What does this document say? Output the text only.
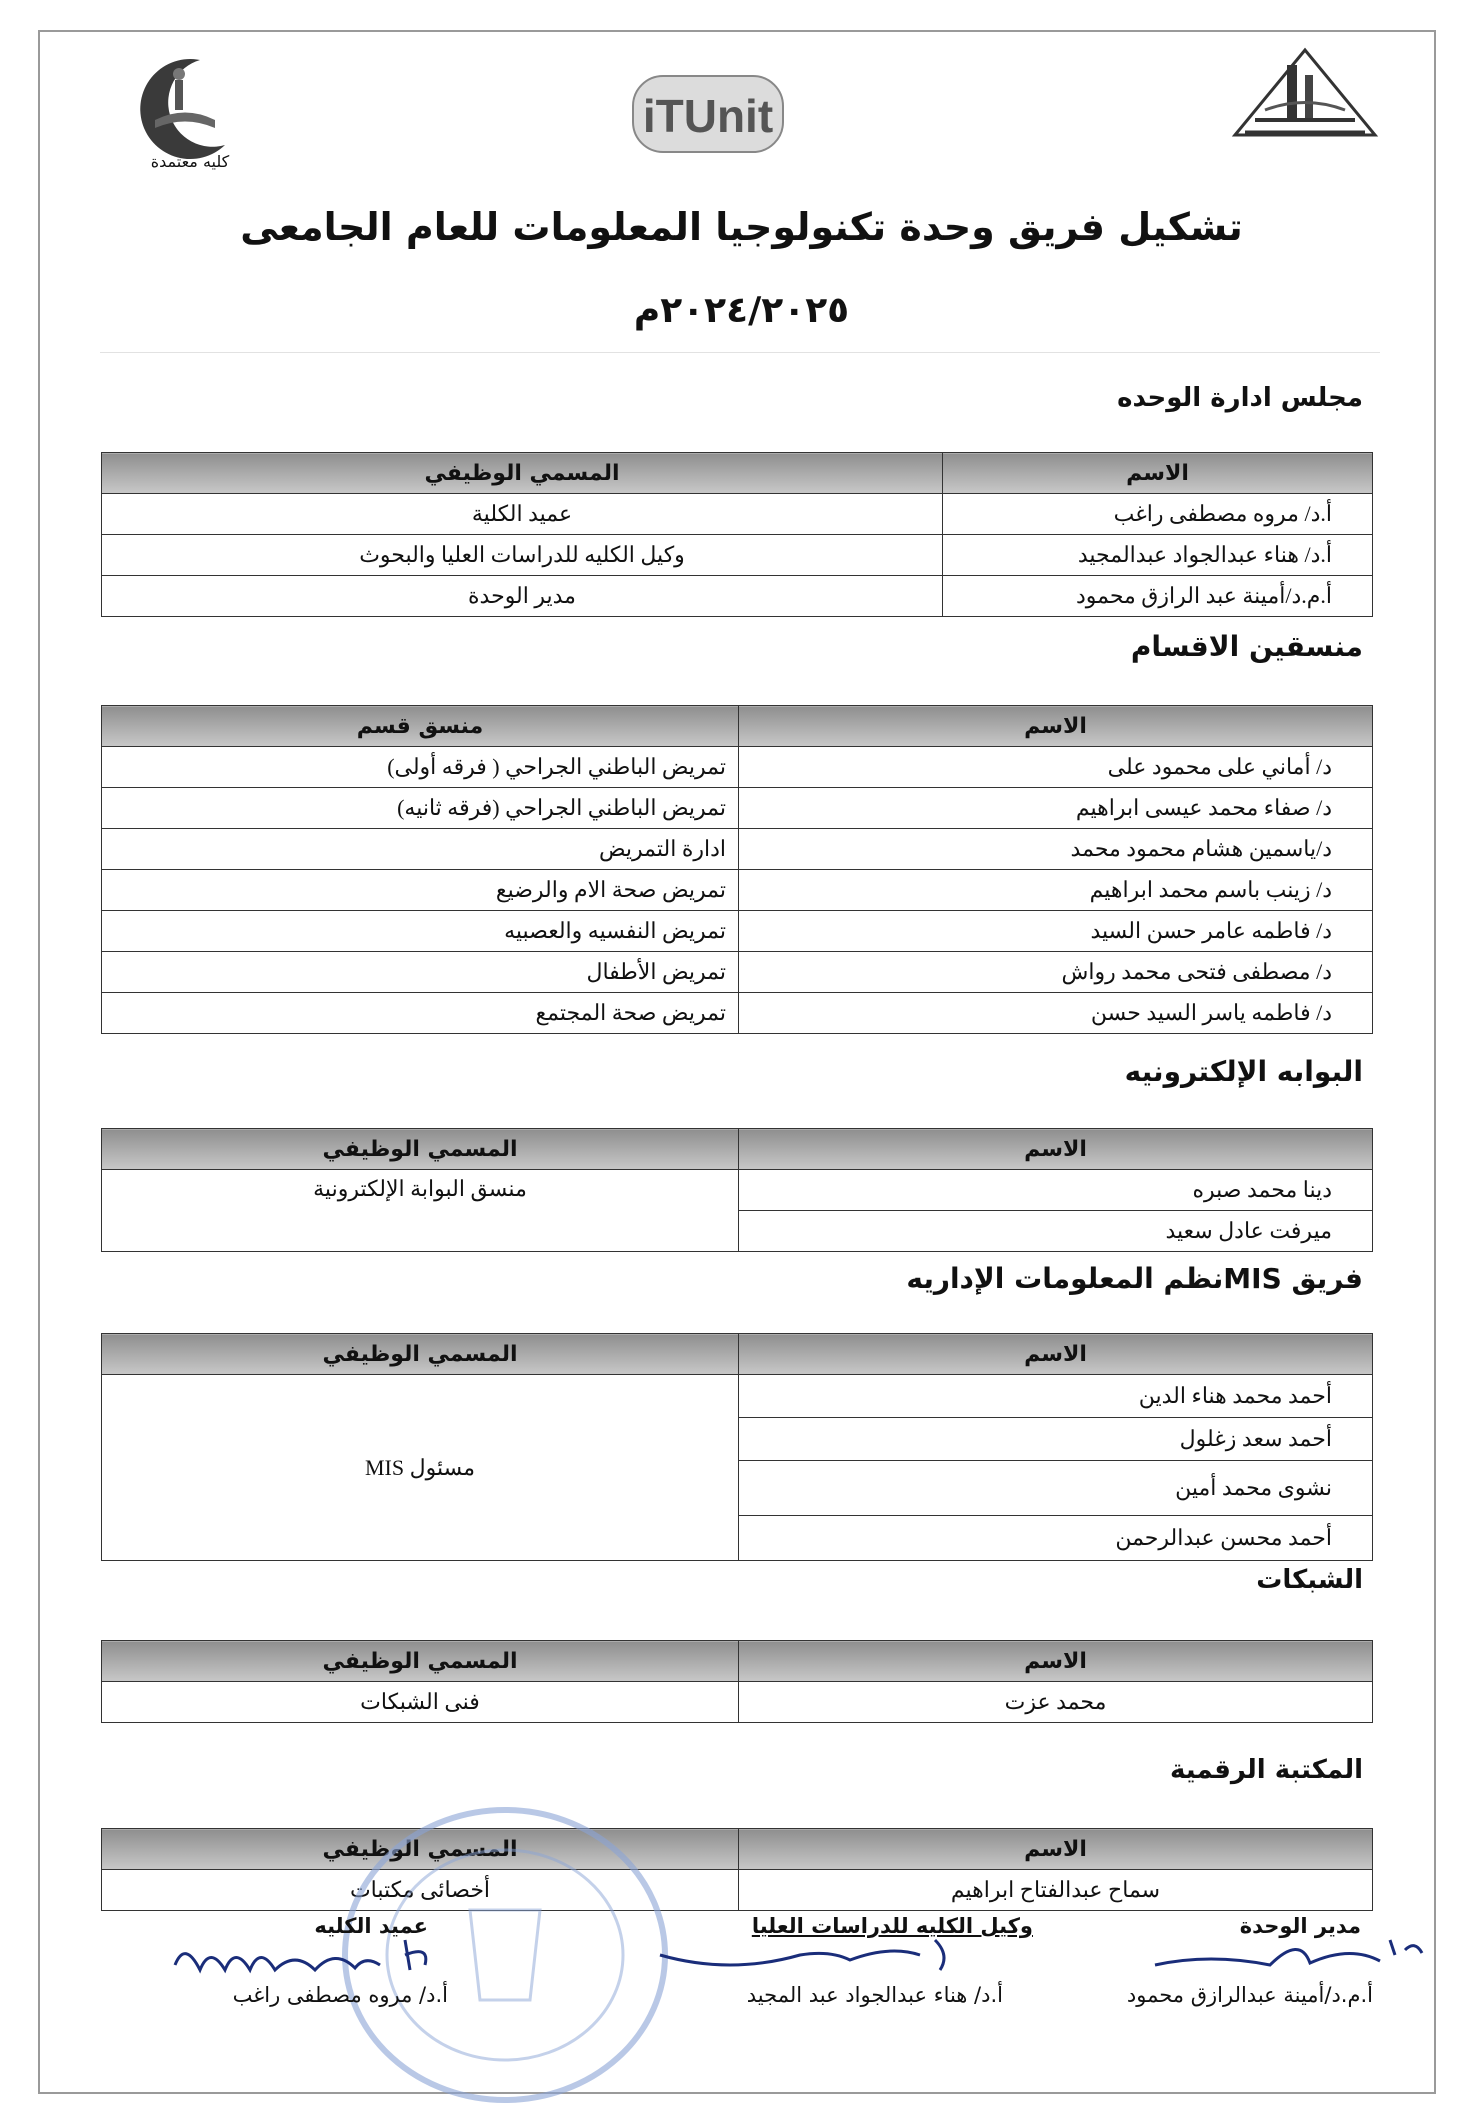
كليه معتمدة
iTUnit
تشكيل فريق وحدة تكنولوجيا المعلومات للعام الجامعى
٢٠٢٤/٢٠٢٥م
مجلس ادارة الوحده
الاسم	المسمي الوظيفي
أ.د/ مروه مصطفى راغب	عميد الكلية
أ.د/ هناء عبدالجواد عبدالمجيد	وكيل الكليه للدراسات العليا والبحوث
أ.م.د/أمينة عبد الرازق محمود	مدير الوحدة
منسقين الاقسام
الاسم	منسق قسم
د/ أماني على محمود على	تمريض الباطني الجراحي ( فرقه أولى)
د/ صفاء محمد عيسى ابراهيم	تمريض الباطني الجراحي (فرقه ثانيه)
د/ياسمين هشام محمود محمد	ادارة التمريض
د/ زينب باسم محمد ابراهيم	تمريض صحة الام والرضيع
د/ فاطمه عامر حسن السيد	تمريض النفسيه والعصبيه
د/ مصطفى فتحى محمد رواش	تمريض الأطفال
د/ فاطمه ياسر السيد حسن	تمريض صحة المجتمع
البوابه الإلكترونيه
الاسم	المسمي الوظيفي
دينا محمد صبره	منسق البوابة الإلكترونية
ميرفت عادل سعيد	
فريق MISنظم المعلومات الإداريه
الاسم	المسمي الوظيفي
أحمد محمد هناء الدين	مسئول MIS
أحمد سعد زغلول	
نشوى محمد أمين	
أحمد محسن عبدالرحمن	
الشبكات
الاسم	المسمي الوظيفي
محمد عزت	فنى الشبكات
المكتبة الرقمية
الاسم	المسمي الوظيفي
سماح عبدالفتاح ابراهيم	أخصائى مكتبات
مدير الوحدة
أ.م.د/أمينة عبدالرازق محمود
وكيل الكليه للدراسات العليا
أ.د/ هناء عبدالجواد عبد المجيد
عميد الكليه
أ.د/ مروه مصطفى راغب
